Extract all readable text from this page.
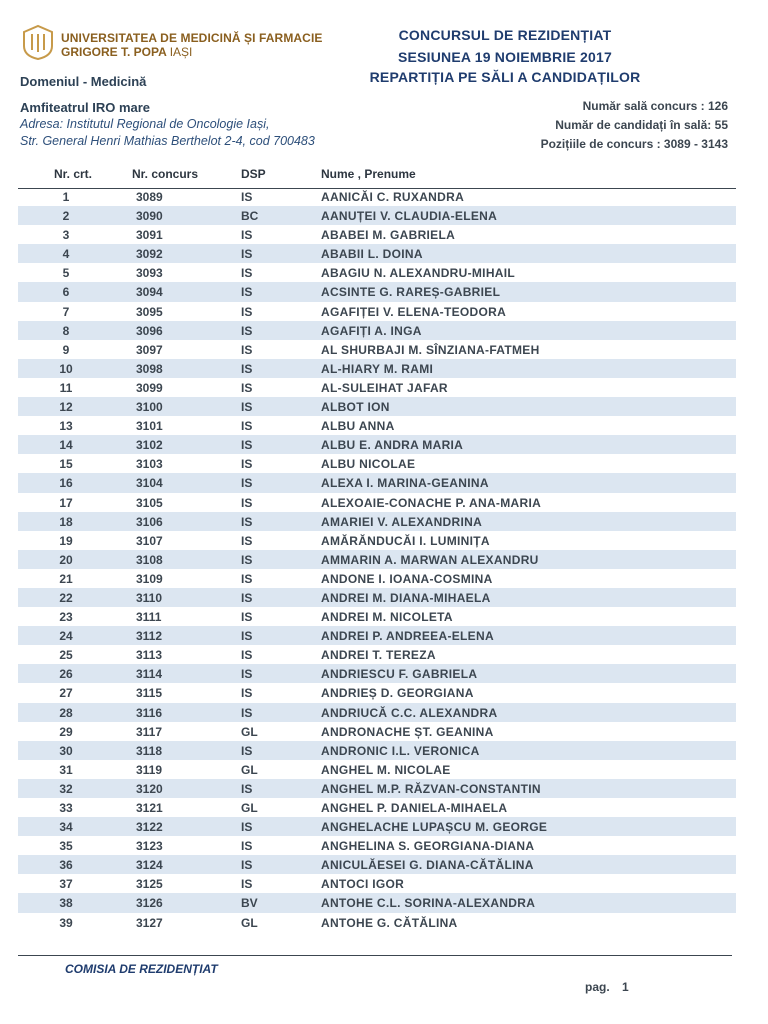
UNIVERSITATEA DE MEDICINĂ ȘI FARMACIE
GRIGORE T. POPA IAȘI
Domeniul - Medicină
CONCURSUL DE REZIDENȚIAT
SESIUNEA 19 NOIEMBRIE 2017
REPARTIȚIA PE SĂLI A CANDIDAȚILOR
Amfiteatrul IRO mare
Adresa: Institutul Regional de Oncologie Iași,
Str. General Henri Mathias Berthelot 2-4, cod 700483
Număr sală concurs : 126
Număr de candidați în sală: 55
Pozițiile de concurs : 3089 - 3143
Nr. crt.	Nr. concurs	DSP	Nume , Prenume
1	3089	IS	AANICĂI C. RUXANDRA
2	3090	BC	AANUȚEI V. CLAUDIA-ELENA
3	3091	IS	ABABEI M. GABRIELA
4	3092	IS	ABABII L. DOINA
5	3093	IS	ABAGIU N. ALEXANDRU-MIHAIL
6	3094	IS	ACSINTE G. RAREȘ-GABRIEL
7	3095	IS	AGAFIȚEI V. ELENA-TEODORA
8	3096	IS	AGAFIȚI A. INGA
9	3097	IS	AL SHURBAJI M. SÎNZIANA-FATMEH
10	3098	IS	AL-HIARY M. RAMI
11	3099	IS	AL-SULEIHAT JAFAR
12	3100	IS	ALBOT ION
13	3101	IS	ALBU ANNA
14	3102	IS	ALBU E. ANDRA MARIA
15	3103	IS	ALBU NICOLAE
16	3104	IS	ALEXA I. MARINA-GEANINA
17	3105	IS	ALEXOAIE-CONACHE P. ANA-MARIA
18	3106	IS	AMARIEI V. ALEXANDRINA
19	3107	IS	AMĂRĂNDUCĂI I. LUMINIȚA
20	3108	IS	AMMARIN A. MARWAN ALEXANDRU
21	3109	IS	ANDONE I. IOANA-COSMINA
22	3110	IS	ANDREI M. DIANA-MIHAELA
23	3111	IS	ANDREI M. NICOLETA
24	3112	IS	ANDREI P. ANDREEA-ELENA
25	3113	IS	ANDREI T. TEREZA
26	3114	IS	ANDRIESCU F. GABRIELA
27	3115	IS	ANDRIEȘ D. GEORGIANA
28	3116	IS	ANDRIUCĂ C.C. ALEXANDRA
29	3117	GL	ANDRONACHE ȘT. GEANINA
30	3118	IS	ANDRONIC I.L. VERONICA
31	3119	GL	ANGHEL M. NICOLAE
32	3120	IS	ANGHEL M.P. RĂZVAN-CONSTANTIN
33	3121	GL	ANGHEL P. DANIELA-MIHAELA
34	3122	IS	ANGHELACHE LUPAȘCU M. GEORGE
35	3123	IS	ANGHELINA S. GEORGIANA-DIANA
36	3124	IS	ANICULĂESEI G. DIANA-CĂTĂLINA
37	3125	IS	ANTOCI IGOR
38	3126	BV	ANTOHE C.L. SORINA-ALEXANDRA
39	3127	GL	ANTOHE G. CĂTĂLINA
COMISIA DE REZIDENȚIAT
pag. 1
